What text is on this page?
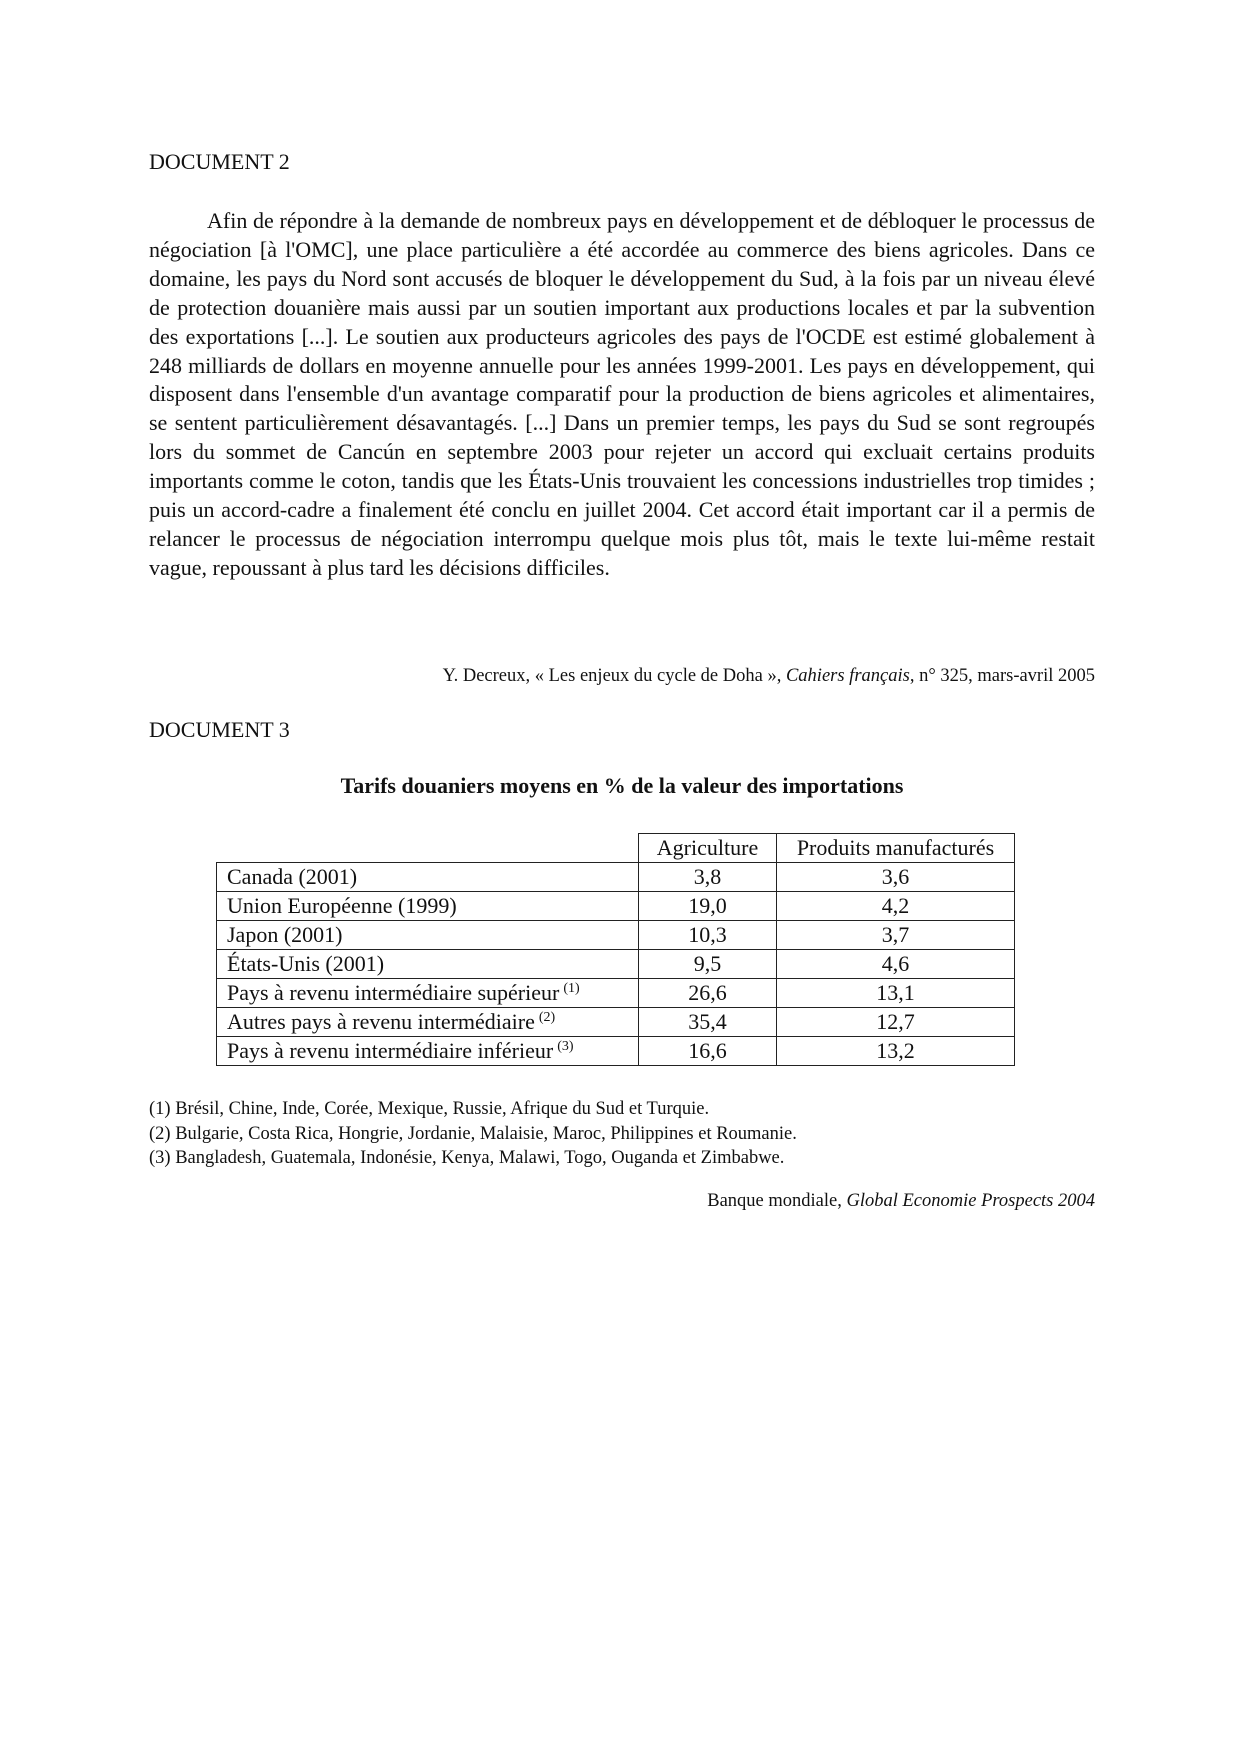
DOCUMENT 2

Afin de répondre à la demande de nombreux pays en développement et de débloquer le processus de négociation [à l'OMC], une place particulière a été accordée au commerce des biens agricoles. Dans ce domaine, les pays du Nord sont accusés de bloquer le développement du Sud, à la fois par un niveau élevé de protection douanière mais aussi par un soutien important aux productions locales et par la subvention des exportations [...]. Le soutien aux producteurs agricoles des pays de l'OCDE est estimé globalement à 248 milliards de dollars en moyenne annuelle pour les années 1999-2001. Les pays en développement, qui disposent dans l'ensemble d'un avantage comparatif pour la production de biens agricoles et alimentaires, se sentent particulièrement désavantagés. [...] Dans un premier temps, les pays du Sud se sont regroupés lors du sommet de Cancún en septembre 2003 pour rejeter un accord qui excluait certains produits importants comme le coton, tandis que les États-Unis trouvaient les concessions industrielles trop timides ; puis un accord-cadre a finalement été conclu en juillet 2004. Cet accord était important car il a permis de relancer le processus de négociation interrompu quelque mois plus tôt, mais le texte lui-même restait vague, repoussant à plus tard les décisions difficiles.

Y. Decreux, « Les enjeux du cycle de Doha », Cahiers français, n° 325, mars-avril 2005
DOCUMENT 3

Tarifs douaniers moyens en % de la valeur des importations

	Agriculture	Produits manufacturés
Canada (2001)	3,8	3,6
Union Européenne (1999)	19,0	4,2
Japon (2001)	10,3	3,7
États-Unis (2001)	9,5	4,6
Pays à revenu intermédiaire supérieur $^{(1)}$	26,6	13,1
Autres pays à revenu intermédiaire $^{(2)}$	35,4	12,7
Pays à revenu intermédiaire inférieur $^{(3)}$	16,6	13,2
(1) Brésil, Chine, Inde, Corée, Mexique, Russie, Afrique du Sud et Turquie.
(2) Bulgarie, Costa Rica, Hongrie, Jordanie, Malaisie, Maroc, Philippines et Roumanie.
(3) Bangladesh, Guatemala, Indonésie, Kenya, Malawi, Togo, Ouganda et Zimbabwe.
Banque mondiale, Global Economie Prospects 2004
